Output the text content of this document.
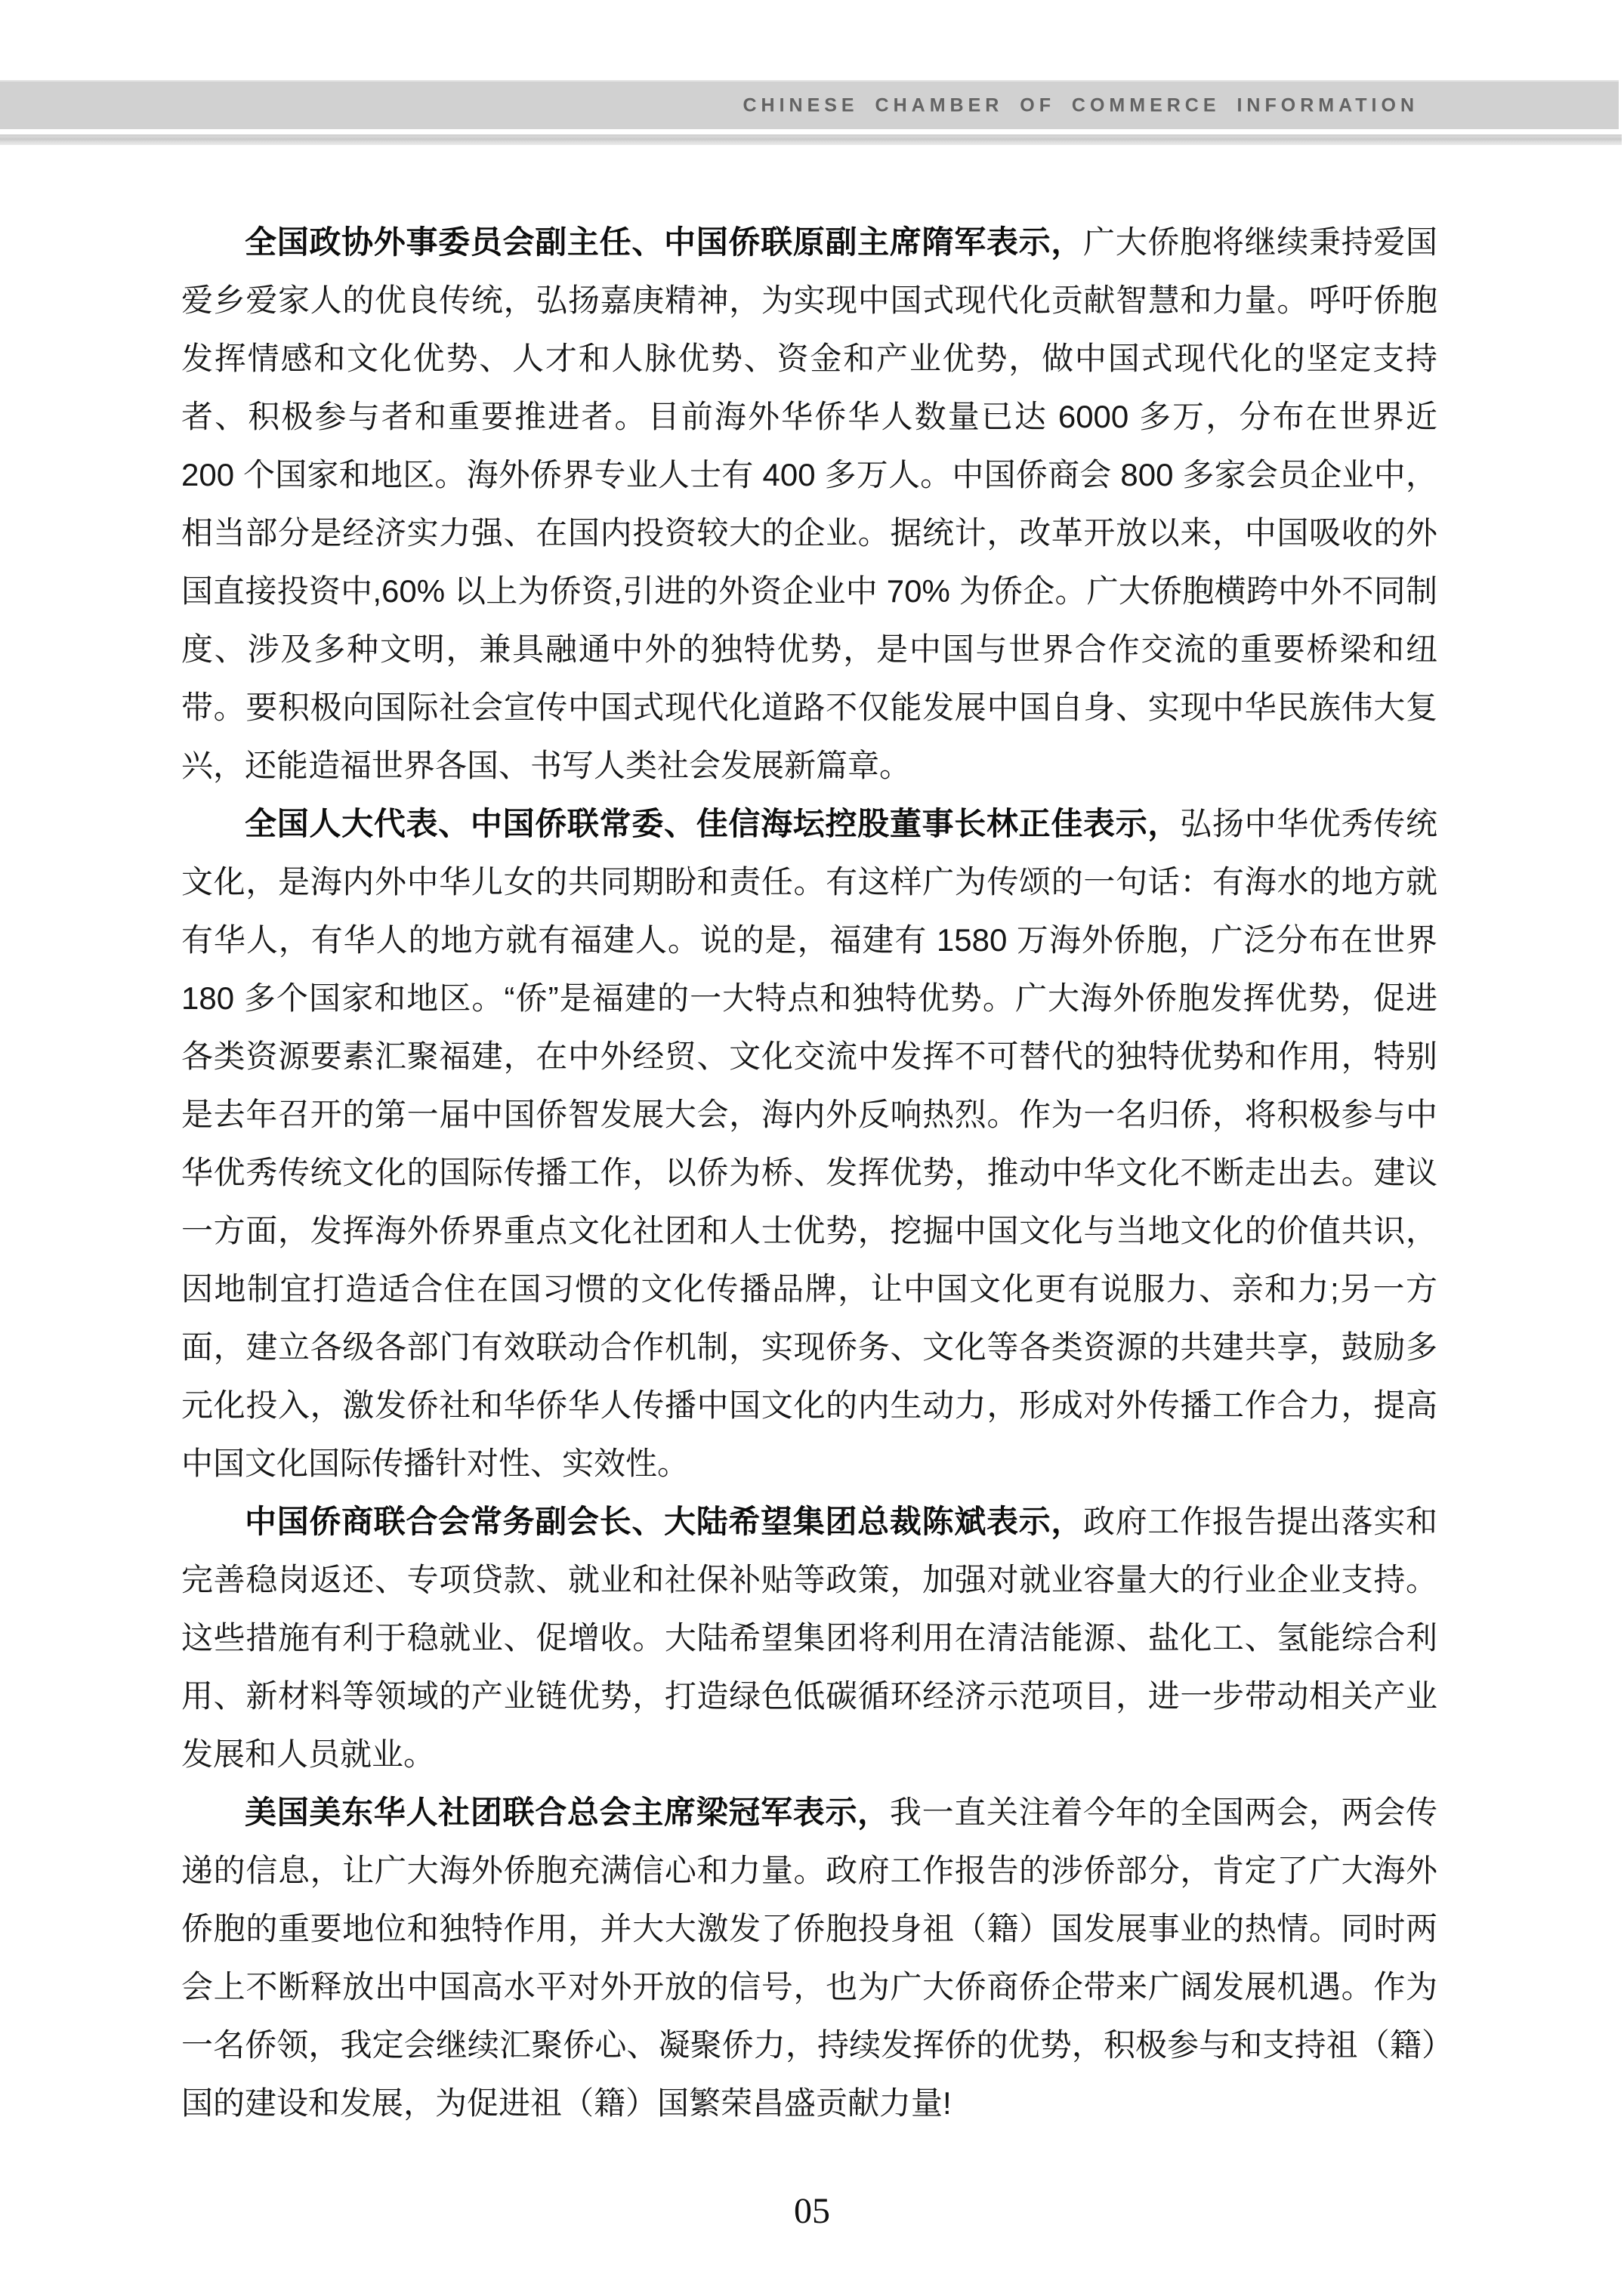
CHINESE CHAMBER OF COMMERCE INFORMATION

全国政协外事委员会副主任、中国侨联原副主席隋军表示，广大侨胞将继续秉持爱国爱乡爱家人的优良传统，弘扬嘉庚精神，为实现中国式现代化贡献智慧和力量。呼吁侨胞发挥情感和文化优势、人才和人脉优势、资金和产业优势，做中国式现代化的坚定支持者、积极参与者和重要推进者。目前海外华侨华人数量已达 6000 多万，分布在世界近 200 个国家和地区。海外侨界专业人士有 400 多万人。中国侨商会 800 多家会员企业中，相当部分是经济实力强、在国内投资较大的企业。据统计，改革开放以来，中国吸收的外国直接投资中,60% 以上为侨资,引进的外资企业中 70% 为侨企。广大侨胞横跨中外不同制度、涉及多种文明，兼具融通中外的独特优势，是中国与世界合作交流的重要桥梁和纽带。要积极向国际社会宣传中国式现代化道路不仅能发展中国自身、实现中华民族伟大复兴，还能造福世界各国、书写人类社会发展新篇章。

全国人大代表、中国侨联常委、佳信海坛控股董事长林正佳表示，弘扬中华优秀传统文化，是海内外中华儿女的共同期盼和责任。有这样广为传颂的一句话：有海水的地方就有华人，有华人的地方就有福建人。说的是，福建有 1580 万海外侨胞，广泛分布在世界 180 多个国家和地区。“侨”是福建的一大特点和独特优势。广大海外侨胞发挥优势，促进各类资源要素汇聚福建，在中外经贸、文化交流中发挥不可替代的独特优势和作用，特别是去年召开的第一届中国侨智发展大会，海内外反响热烈。作为一名归侨，将积极参与中华优秀传统文化的国际传播工作，以侨为桥、发挥优势，推动中华文化不断走出去。建议一方面，发挥海外侨界重点文化社团和人士优势，挖掘中国文化与当地文化的价值共识，因地制宜打造适合住在国习惯的文化传播品牌，让中国文化更有说服力、亲和力;另一方面，建立各级各部门有效联动合作机制，实现侨务、文化等各类资源的共建共享，鼓励多元化投入，激发侨社和华侨华人传播中国文化的内生动力，形成对外传播工作合力，提高中国文化国际传播针对性、实效性。

中国侨商联合会常务副会长、大陆希望集团总裁陈斌表示，政府工作报告提出落实和完善稳岗返还、专项贷款、就业和社保补贴等政策，加强对就业容量大的行业企业支持。这些措施有利于稳就业、促增收。大陆希望集团将利用在清洁能源、盐化工、氢能综合利用、新材料等领域的产业链优势，打造绿色低碳循环经济示范项目，进一步带动相关产业发展和人员就业。

美国美东华人社团联合总会主席梁冠军表示，我一直关注着今年的全国两会，两会传递的信息，让广大海外侨胞充满信心和力量。政府工作报告的涉侨部分，肯定了广大海外侨胞的重要地位和独特作用，并大大激发了侨胞投身祖（籍）国发展事业的热情。同时两会上不断释放出中国高水平对外开放的信号，也为广大侨商侨企带来广阔发展机遇。作为一名侨领，我定会继续汇聚侨心、凝聚侨力，持续发挥侨的优势，积极参与和支持祖（籍）国的建设和发展，为促进祖（籍）国繁荣昌盛贡献力量!

05
